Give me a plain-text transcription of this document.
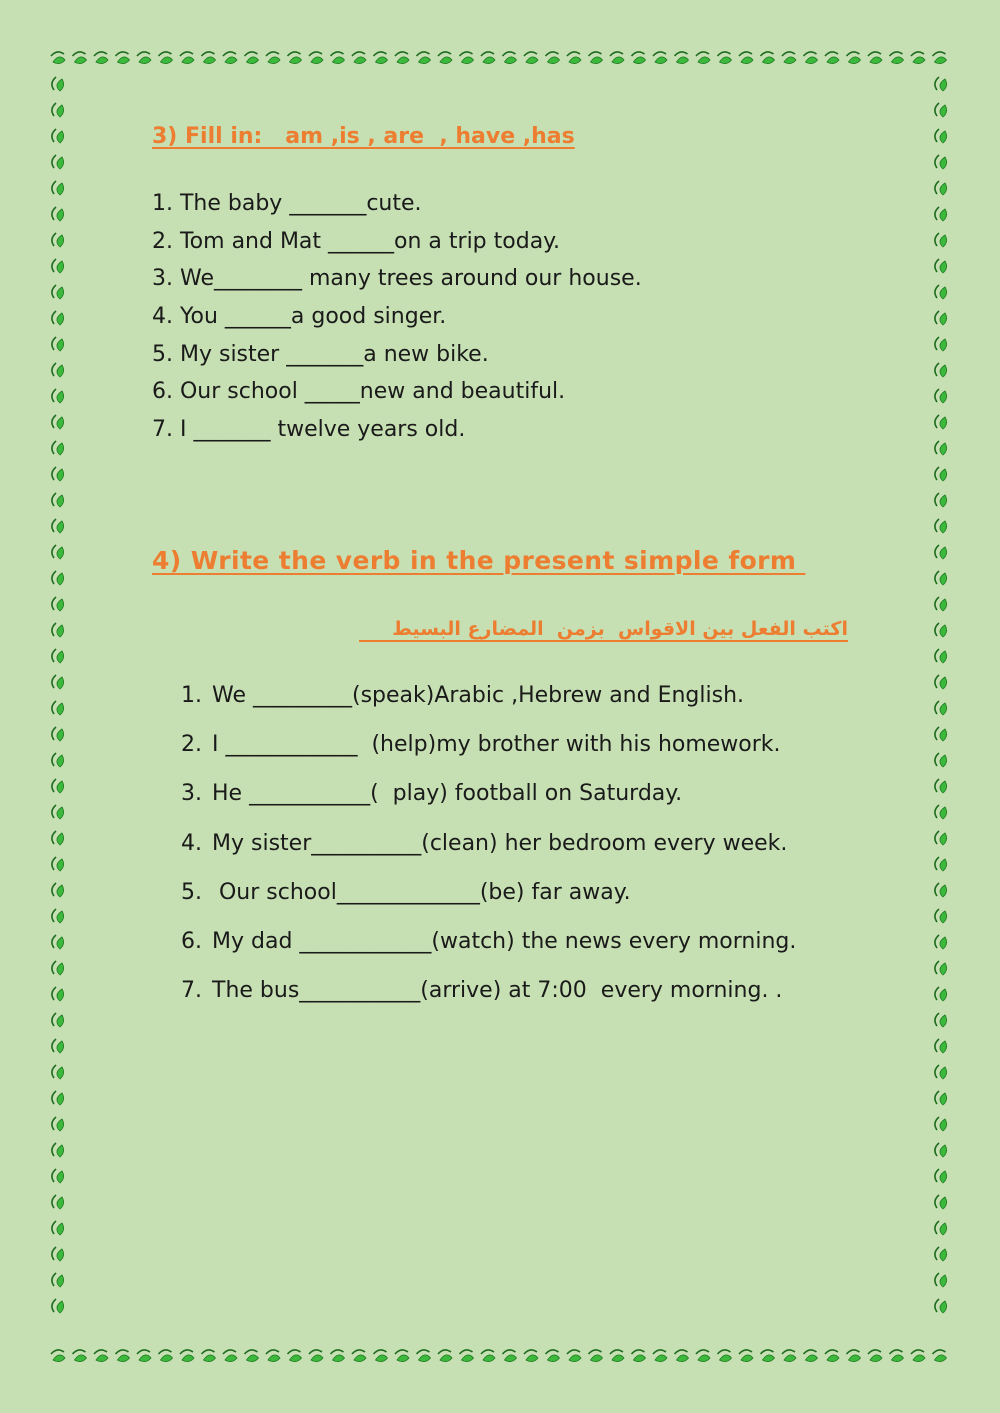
3) Fill in:   am ,is , are  , have ,has
1. The baby _______cute.
2. Tom and Mat ______on a trip today.
3. We________ many trees around our house.
4. You ______a good singer.
5. My sister _______a new bike.
6. Our school _____new and beautiful.
7. I _______ twelve years old.
4) Write the verb in the present simple form

اكتب الفعل بين الاقواس  بزمن  المضارع البسيط

1. We _________(speak)Arabic ,Hebrew and English.
2. I ____________  (help)my brother with his homework.
3. He ___________(  play) football on Saturday.
4. My sister__________(clean) her bedroom every week.
5. Our school_____________(be) far away.
6. My dad ____________(watch) the news every morning.
7. The bus___________(arrive) at 7:00  every morning. .
